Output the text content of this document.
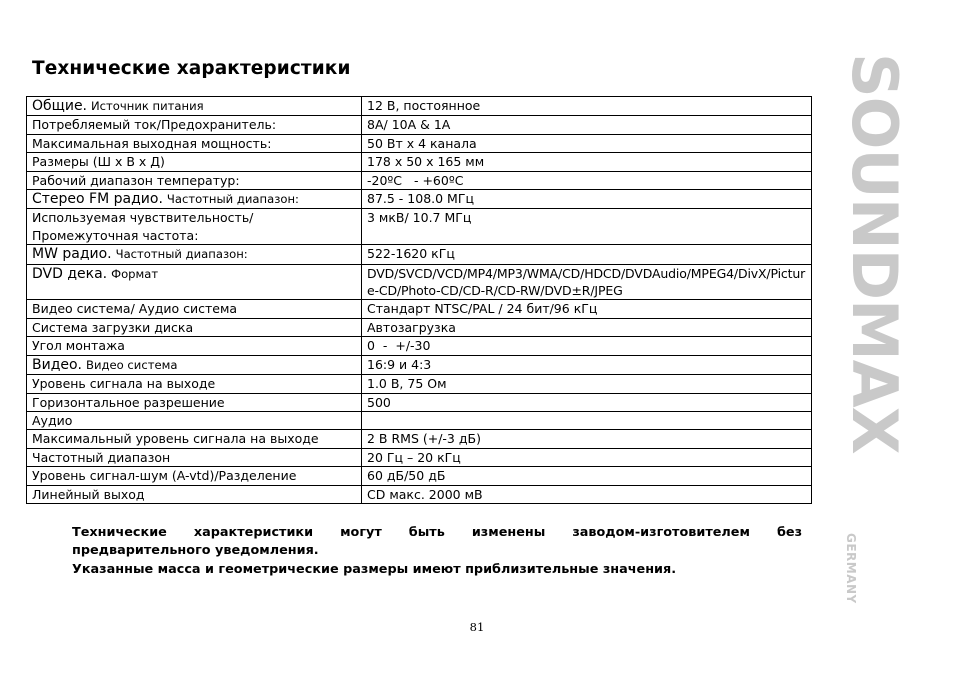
Технические характеристики
Общие. Источник питания	12 В, постоянное
Потребляемый ток/Предохранитель:	8А/ 10А & 1А
Максимальная выходная мощность:	50 Вт х 4 канала
Размеры (Ш х В х Д)	178 х 50 х 165 мм
Рабочий диапазон температур:	-20ºС   - +60ºС
Стерео FM радио. Частотный диапазон:	87.5 - 108.0 МГц
Используемая чувствительность/ Промежуточная частота:	3 мкВ/ 10.7 МГц
MW радио. Частотный диапазон:	522-1620 кГц
DVD дека. Формат	DVD/SVCD/VCD/MP4/MP3/WMA/CD/HDCD/DVDAudio/MPEG4/DivX/Picture-CD/Photo-CD/CD-R/CD-RW/DVD±R/JPEG
Видео система/ Аудио система	Стандарт NTSC/PAL / 24 бит/96 кГц
Система загрузки диска	Автозагрузка
Угол монтажа	0  -  +/-30
Видео. Видео система	16:9 и 4:3
Уровень сигнала на выходе	1.0 В, 75 Ом
Горизонтальное разрешение	500
Аудио	
Максимальный уровень сигнала на выходе	2 В RMS (+/-3 дБ)
Частотный диапазон	20 Гц – 20 кГц
Уровень сигнал-шум (A-vtd)/Разделение	60 дБ/50 дБ
Линейный выход	CD макс. 2000 мВ
Технические характеристики могут быть изменены заводом-изготовителем без
предварительного уведомления.
Указанные масса и геометрические размеры имеют приблизительные значения.
81
SOUNDMAX
GERMANY
